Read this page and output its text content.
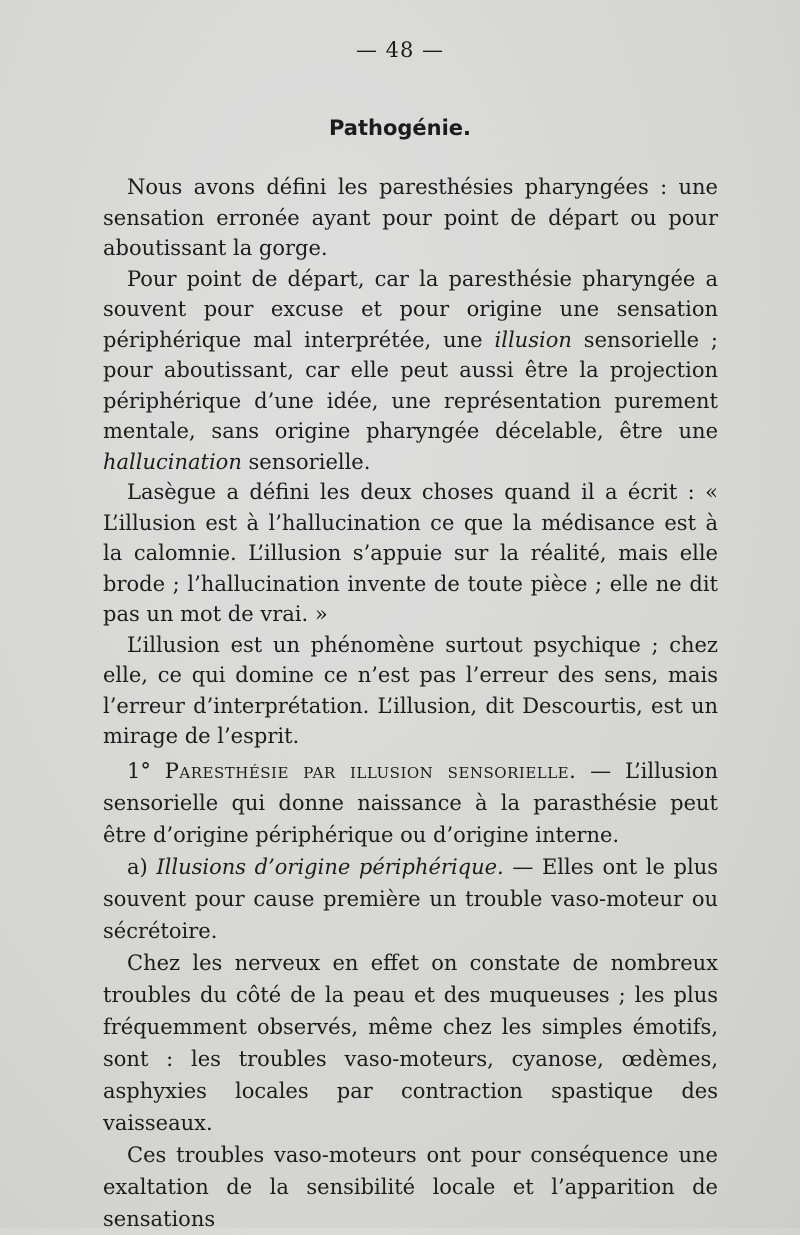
— 48 —
Pathogénie.

Nous avons défini les paresthésies pharyngées : une sensation erronée ayant pour point de départ ou pour aboutissant la gorge.

Pour point de départ, car la paresthésie pharyngée a souvent pour excuse et pour origine une sensation périphérique mal interprétée, une illusion sensorielle ; pour aboutissant, car elle peut aussi être la projection périphérique d’une idée, une représentation purement mentale, sans origine pharyngée décelable, être une hallucination sensorielle.

Lasègue a défini les deux choses quand il a écrit : « L’illusion est à l’hallucination ce que la médisance est à la calomnie. L’illusion s’appuie sur la réalité, mais elle brode ; l’hallucination invente de toute pièce ; elle ne dit pas un mot de vrai. »

L’illusion est un phénomène surtout psychique ; chez elle, ce qui domine ce n’est pas l’erreur des sens, mais l’erreur d’interprétation. L’illusion, dit Descourtis, est un mirage de l’esprit.

1° Paresthésie par illusion sensorielle. — L’illusion sensorielle qui donne naissance à la parasthésie peut être d’origine périphérique ou d’origine interne.

a) Illusions d’origine périphérique. — Elles ont le plus souvent pour cause première un trouble vaso-moteur ou sécrétoire.

Chez les nerveux en effet on constate de nombreux troubles du côté de la peau et des muqueuses ; les plus fréquemment observés, même chez les simples émotifs, sont : les troubles vaso-moteurs, cyanose, œdèmes, asphyxies locales par contraction spastique des vaisseaux.

Ces troubles vaso-moteurs ont pour conséquence une exaltation de la sensibilité locale et l’apparition de sensations
